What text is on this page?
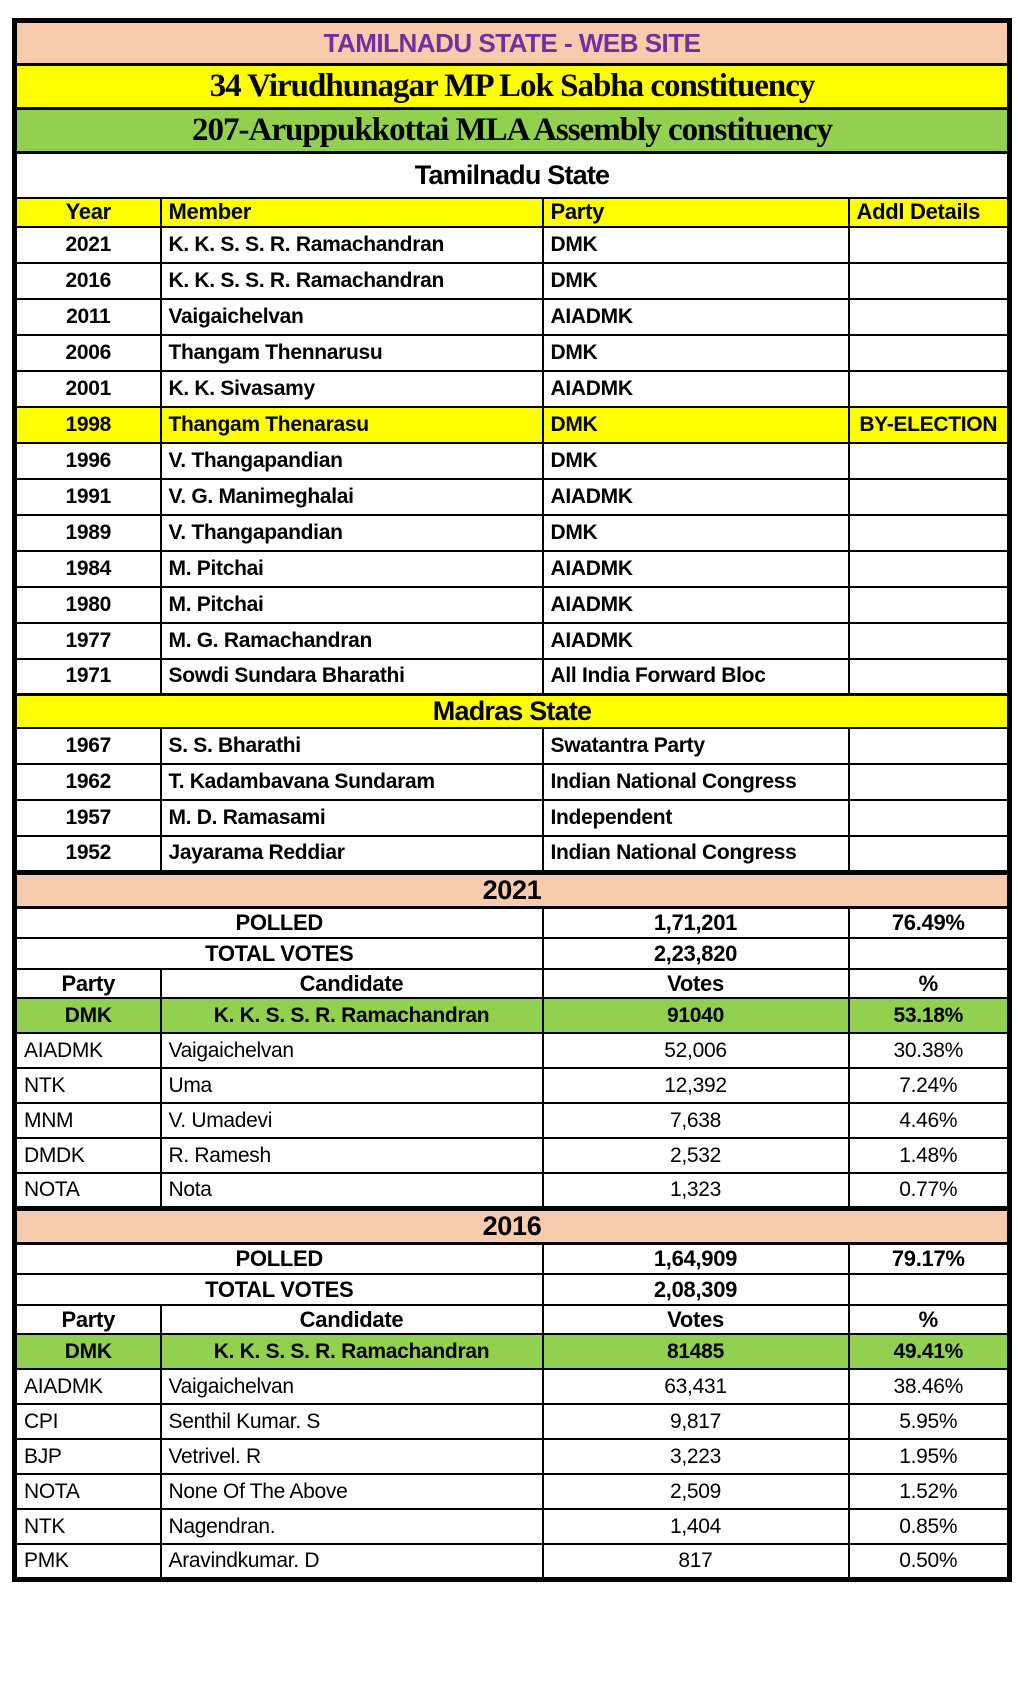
TAMILNADU STATE - WEB SITE			
34 Virudhunagar MP Lok Sabha constituency			
207-Aruppukkottai MLA Assembly constituency			
Tamilnadu State			
Year	Member	Party	Addl Details
2021	K. K. S. S. R. Ramachandran	DMK	
2016	K. K. S. S. R. Ramachandran	DMK	
2011	Vaigaichelvan	AIADMK	
2006	Thangam Thennarusu	DMK	
2001	K. K. Sivasamy	AIADMK	
1998	Thangam Thenarasu	DMK	BY-ELECTION
1996	V. Thangapandian	DMK	
1991	V. G. Manimeghalai	AIADMK	
1989	V. Thangapandian	DMK	
1984	M. Pitchai	AIADMK	
1980	M. Pitchai	AIADMK	
1977	M. G. Ramachandran	AIADMK	
1971	Sowdi Sundara Bharathi	All India Forward Bloc	
Madras State			
1967	S. S. Bharathi	Swatantra Party	
1962	T. Kadambavana Sundaram	Indian National Congress	
1957	M. D. Ramasami	Independent	
1952	Jayarama Reddiar	Indian National Congress	
2021			
POLLED		1,71,201	76.49%
TOTAL VOTES		2,23,820	
Party	Candidate	Votes	%
DMK	K. K. S. S. R. Ramachandran	91040	53.18%
AIADMK	Vaigaichelvan	52,006	30.38%
NTK	Uma	12,392	7.24%
MNM	V. Umadevi	7,638	4.46%
DMDK	R. Ramesh	2,532	1.48%
NOTA	Nota	1,323	0.77%
2016			
POLLED		1,64,909	79.17%
TOTAL VOTES		2,08,309	
Party	Candidate	Votes	%
DMK	K. K. S. S. R. Ramachandran	81485	49.41%
AIADMK	Vaigaichelvan	63,431	38.46%
CPI	Senthil Kumar. S	9,817	5.95%
BJP	Vetrivel. R	3,223	1.95%
NOTA	None Of The Above	2,509	1.52%
NTK	Nagendran.	1,404	0.85%
PMK	Aravindkumar. D	817	0.50%
